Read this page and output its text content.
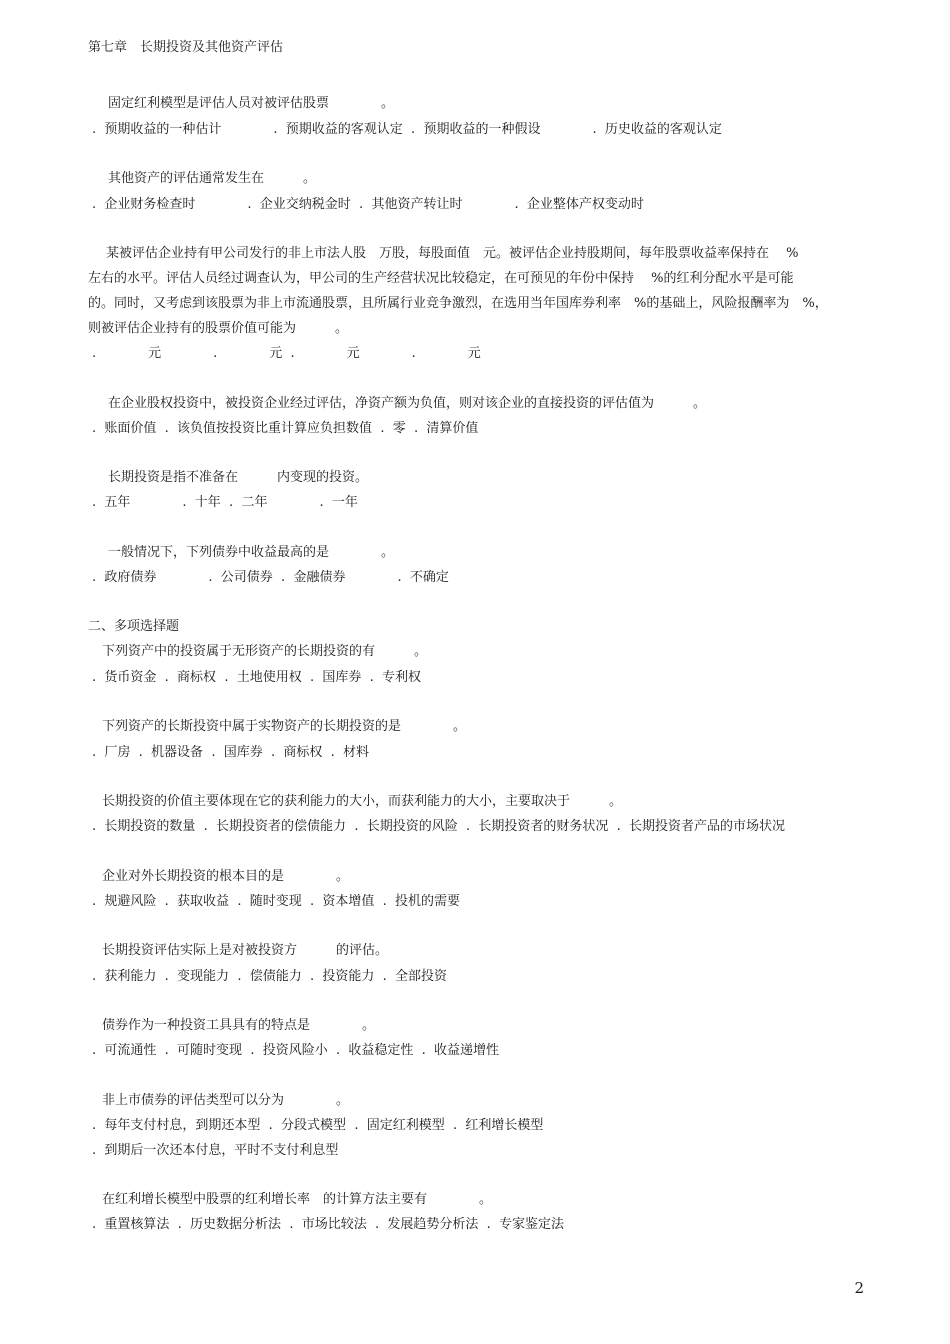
第七章　长期投资及其他资产评估
固定红利模型是评估人员对被评估股票　　　　。
.  预期收益的一种估计　　　　.  预期收益的客观认定  .  预期收益的一种假设　　　　.  历史收益的客观认定
其他资产的评估通常发生在　　　。
.  企业财务检查时　　　　.  企业交纳税金时  .  其他资产转让时　　　　.  企业整体产权变动时
　某被评估企业持有甲公司发行的非上市法人股　万股，每股面值　元。被评估企业持股期间，每年股票收益率保持在　 %
左右的水平。评估人员经过调查认为，甲公司的生产经营状况比较稳定，在可预见的年份中保持　 %的红利分配水平是可能
的。同时，又考虑到该股票为非上市流通股票，且所属行业竞争激烈，在选用当年国库券利率　%的基础上，风险报酬率为　%，
则被评估企业持有的股票价值可能为　　　。
.　　　　元　　　　.　　　　元  .　　　　元　　　　.　　　　元
在企业股权投资中，被投资企业经过评估，净资产额为负值，则对该企业的直接投资的评估值为　　　。
.  账面价值  .  该负值按投资比重计算应负担数值  .  零  .  清算价值
长期投资是指不准备在　　　内变现的投资。
.  五年　　　　.  十年  .  二年　　　　.  一年
一般情况下，下列债券中收益最高的是　　　　。
.  政府债券　　　　.  公司债券  .  金融债券　　　　.  不确定
二、多项选择题
下列资产中的投资属于无形资产的长期投资的有　　　。
.  货币资金  .  商标权  .  土地使用权  .  国库券  .  专利权
下列资产的长斯投资中属于实物资产的长期投资的是　　　　。
.  厂房  .  机器设备  .  国库券  .  商标权  .  材料
长期投资的价值主要体现在它的获利能力的大小，而获利能力的大小，主要取决于　　　。
.  长期投资的数量  .  长期投资者的偿债能力  .  长期投资的风险  .  长期投资者的财务状况  .  长期投资者产品的市场状况
企业对外长期投资的根本目的是　　　　。
.  规避风险  .  获取收益  .  随时变现  .  资本增值  .  投机的需要
长期投资评估实际上是对被投资方　　　的评估。
.  获利能力  .  变现能力  .  偿债能力  .  投资能力  .  全部投资
债券作为一种投资工具具有的特点是　　　　。
.  可流通性  .  可随时变现  .  投资风险小  .  收益稳定性  .  收益递增性
非上市债券的评估类型可以分为　　　　。
.  每年支付村息，到期还本型  .  分段式模型  .  固定红利模型  .  红利增长模型
.  到期后一次还本付息，平时不支付利息型
在红利增长模型中股票的红利增长率　的计算方法主要有　　　　。
.  重置核算法  .  历史数据分析法  .  市场比较法  .  发展趋势分析法  .  专家鉴定法
2
